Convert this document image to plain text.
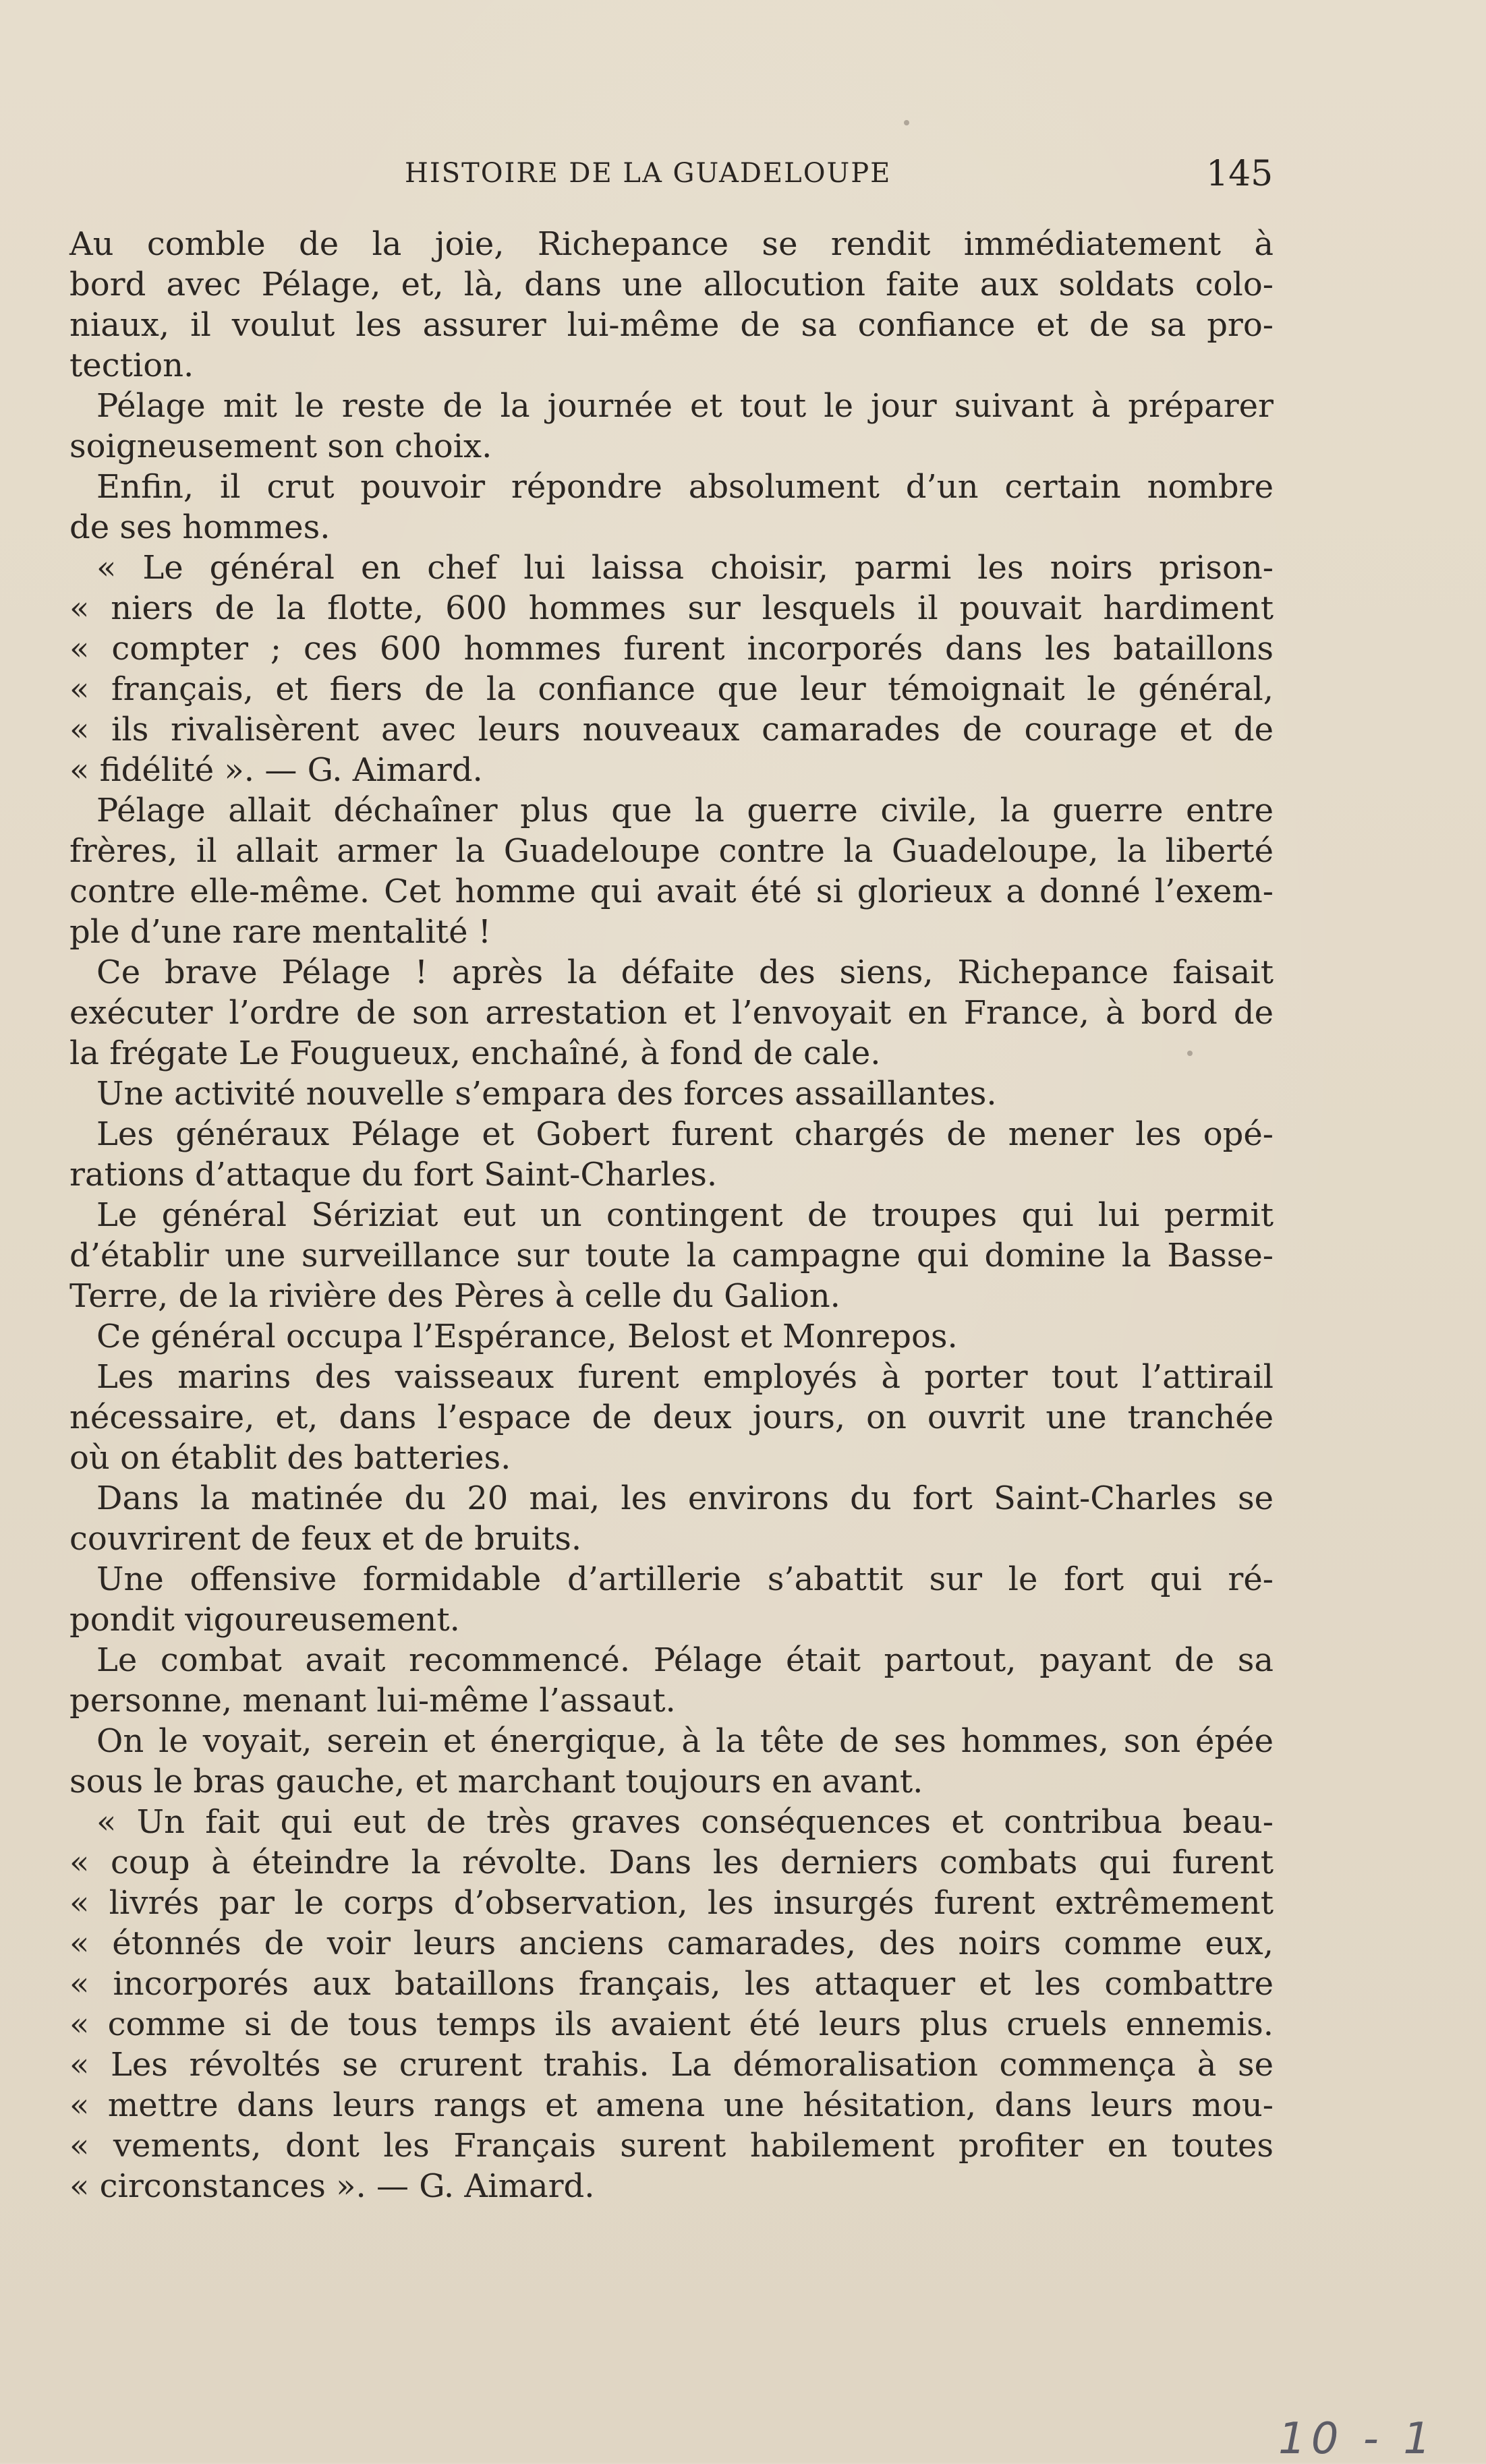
HISTOIRE DE LA GUADELOUPE	145
Au comble de la joie, Richepance se rendit immédiatement à
bord avec Pélage, et, là, dans une allocution faite aux soldats colo-
niaux, il voulut les assurer lui-même de sa confiance et de sa pro-
tection.
Pélage mit le reste de la journée et tout le jour suivant à préparer
soigneusement son choix.
Enfin, il crut pouvoir répondre absolument d’un certain nombre
de ses hommes.
« Le général en chef lui laissa choisir, parmi les noirs prison-
« niers de la flotte, 600 hommes sur lesquels il pouvait hardiment
« compter ; ces 600 hommes furent incorporés dans les bataillons
« français, et fiers de la confiance que leur témoignait le général,
« ils rivalisèrent avec leurs nouveaux camarades de courage et de
« fidélité ». — G. Aimard.
Pélage allait déchaîner plus que la guerre civile, la guerre entre
frères, il allait armer la Guadeloupe contre la Guadeloupe, la liberté
contre elle-même. Cet homme qui avait été si glorieux a donné l’exem-
ple d’une rare mentalité !
Ce brave Pélage ! après la défaite des siens, Richepance faisait
exécuter l’ordre de son arrestation et l’envoyait en France, à bord de
la frégate Le Fougueux, enchaîné, à fond de cale.
Une activité nouvelle s’empara des forces assaillantes.
Les généraux Pélage et Gobert furent chargés de mener les opé-
rations d’attaque du fort Saint-Charles.
Le général Sériziat eut un contingent de troupes qui lui permit
d’établir une surveillance sur toute la campagne qui domine la Basse-
Terre, de la rivière des Pères à celle du Galion.
Ce général occupa l’Espérance, Belost et Monrepos.
Les marins des vaisseaux furent employés à porter tout l’attirail
nécessaire, et, dans l’espace de deux jours, on ouvrit une tranchée
où on établit des batteries.
Dans la matinée du 20 mai, les environs du fort Saint-Charles se
couvrirent de feux et de bruits.
Une offensive formidable d’artillerie s’abattit sur le fort qui ré-
pondit vigoureusement.
Le combat avait recommencé. Pélage était partout, payant de sa
personne, menant lui-même l’assaut.
On le voyait, serein et énergique, à la tête de ses hommes, son épée
sous le bras gauche, et marchant toujours en avant.
« Un fait qui eut de très graves conséquences et contribua beau-
« coup à éteindre la révolte. Dans les derniers combats qui furent
« livrés par le corps d’observation, les insurgés furent extrêmement
« étonnés de voir leurs anciens camarades, des noirs comme eux,
« incorporés aux bataillons français, les attaquer et les combattre
« comme si de tous temps ils avaient été leurs plus cruels ennemis.
« Les révoltés se crurent trahis. La démoralisation commença à se
« mettre dans leurs rangs et amena une hésitation, dans leurs mou-
« vements, dont les Français surent habilement profiter en toutes
« circonstances ». — G. Aimard.
10 - 1
